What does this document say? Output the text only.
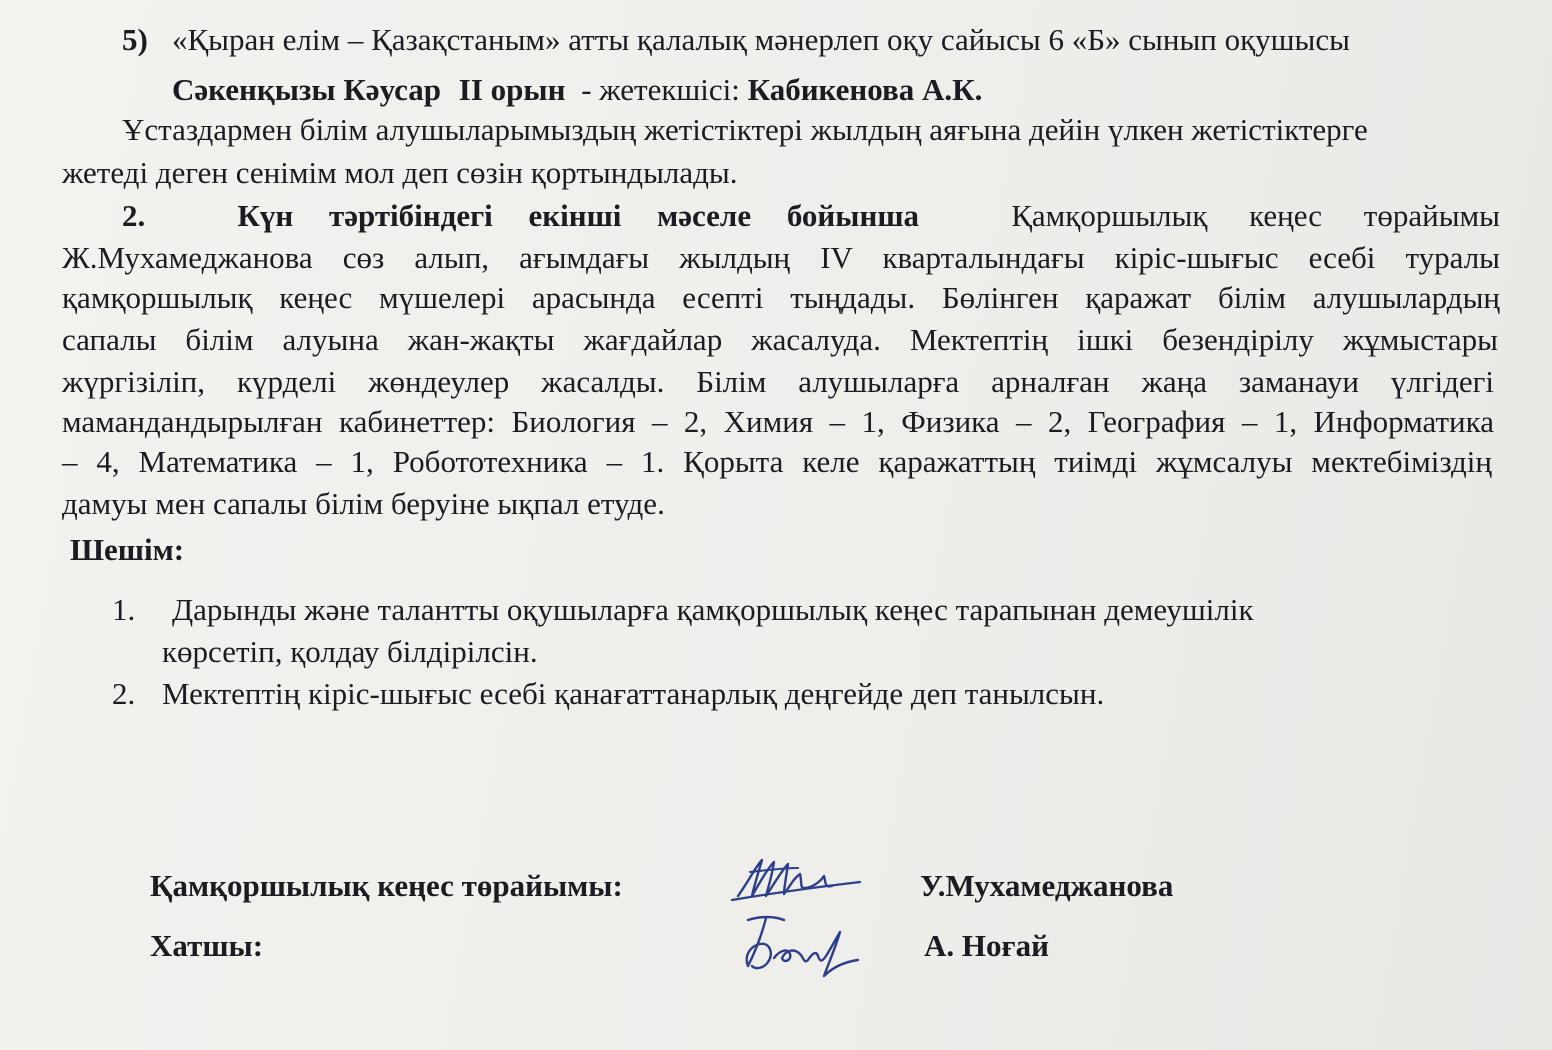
5) «Қыран елім – Қазақстаным» атты қалалық мәнерлеп оқу сайысы 6 «Б» сынып оқушысы
Сәкенқызы Кәусар II орын - жетекшісі: Кабикенова А.К.
Ұстаздармен білім алушыларымыздың жетістіктері жылдың аяғына дейін үлкен жетістіктерге
жетеді деген сенімім мол деп сөзін қортындылады.
2.	Күн тәртібіндегі екінші мәселе бойынша	Қамқоршылық кеңес төрайымы
Ж.Мухамеджанова сөз алып, ағымдағы жылдың IV кварталындағы кіріс-шығыс есебі туралы
қамқоршылық кеңес мүшелері арасында есепті тыңдады. Бөлінген қаражат білім алушылардың
сапалы білім алуына жан-жақты жағдайлар жасалуда. Мектептің ішкі безендірілу жұмыстары
жүргізіліп, күрделі жөндеулер жасалды. Білім алушыларға арналған жаңа заманауи үлгідегі
мамандандырылған кабинеттер: Биология – 2, Химия – 1, Физика – 2, География – 1, Информатика
– 4, Математика – 1, Робототехника – 1. Қорыта келе қаражаттың тиімді жұмсалуы мектебіміздің
дамуы мен сапалы білім беруіне ықпал етуде.
Шешім:
1. Дарынды және талантты оқушыларға қамқоршылық кеңес тарапынан демеушілік
көрсетіп, қолдау білдірілсін.
2. Мектептің кіріс-шығыс есебі қанағаттанарлық деңгейде деп танылсын.
Қамқоршылық кеңес төрайымы:	У.Мухамеджанова
Хатшы:	А. Ноғай
